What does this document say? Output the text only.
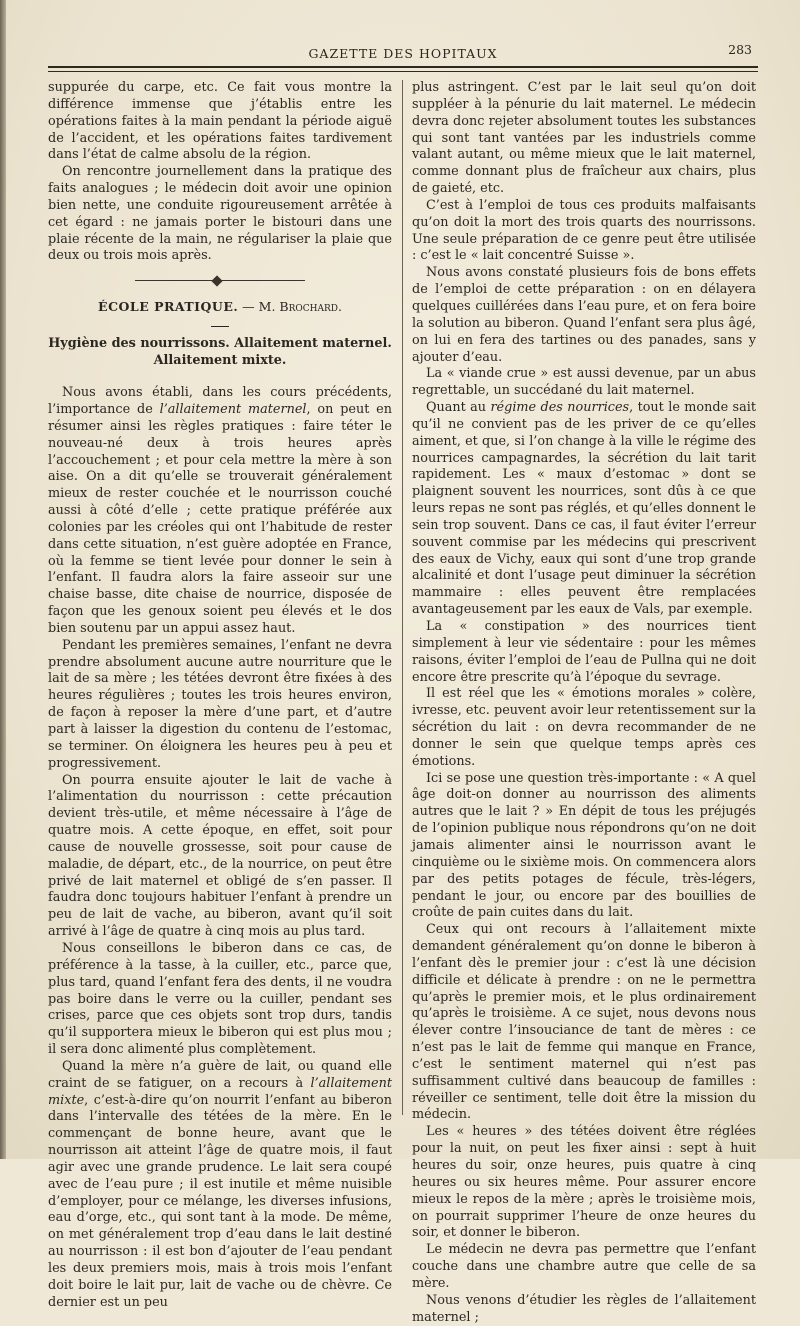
GAZETTE DES HOPITAUX	283

suppurée du carpe, etc. Ce fait vous montre la différence immense que j’établis entre les opérations faites à la main pendant la période aiguë de l’accident, et les opérations faites tardivement dans l’état de calme absolu de la région.

On rencontre journellement dans la pratique des faits analogues ; le médecin doit avoir une opinion bien nette, une conduite rigoureusement arrêtée à cet égard : ne jamais porter le bistouri dans une plaie récente de la main, ne régulariser la plaie que deux ou trois mois après.

ÉCOLE PRATIQUE. — M. Brochard.
Hygiène des nourrissons. Allaitement maternel.
Allaitement mixte.

Nous avons établi, dans les cours précédents, l’importance de l’allaitement maternel, on peut en résumer ainsi les règles pratiques : faire téter le nouveau-né deux à trois heures après l’accouchement ; et pour cela mettre la mère à son aise. On a dit qu’elle se trouverait généralement mieux de rester couchée et le nourrisson couché aussi à côté d’elle ; cette pratique préférée aux colonies par les créoles qui ont l’habitude de rester dans cette situation, n’est guère adoptée en France, où la femme se tient levée pour donner le sein à l’enfant. Il faudra alors la faire asseoir sur une chaise basse, dite chaise de nourrice, disposée de façon que les genoux soient peu élevés et le dos bien soutenu par un appui assez haut.

Pendant les premières semaines, l’enfant ne devra prendre absolument aucune autre nourriture que le lait de sa mère ; les tétées devront être fixées à des heures régulières ; toutes les trois heures environ, de façon à reposer la mère d’une part, et d’autre part à laisser la digestion du contenu de l’estomac, se terminer. On éloignera les heures peu à peu et progressivement.

On pourra ensuite ajouter le lait de vache à l’alimentation du nourrisson : cette précaution devient très-utile, et même nécessaire à l’âge de quatre mois. A cette époque, en effet, soit pour cause de nouvelle grossesse, soit pour cause de maladie, de départ, etc., de la nourrice, on peut être privé de lait maternel et obligé de s’en passer. Il faudra donc toujours habituer l’enfant à prendre un peu de lait de vache, au biberon, avant qu’il soit arrivé à l’âge de quatre à cinq mois au plus tard.

Nous conseillons le biberon dans ce cas, de préférence à la tasse, à la cuiller, etc., parce que, plus tard, quand l’enfant fera des dents, il ne voudra pas boire dans le verre ou la cuiller, pendant ses crises, parce que ces objets sont trop durs, tandis qu’il supportera mieux le biberon qui est plus mou ; il sera donc alimenté plus complètement.

Quand la mère n’a guère de lait, ou quand elle craint de se fatiguer, on a recours à l’allaitement mixte, c’est-à-dire qu’on nourrit l’enfant au biberon dans l’intervalle des tétées de la mère. En le commençant de bonne heure, avant que le nourrisson ait atteint l’âge de quatre mois, il faut agir avec une grande prudence. Le lait sera coupé avec de l’eau pure ; il est inutile et même nuisible d’employer, pour ce mélange, les diverses infusions, eau d’orge, etc., qui sont tant à la mode. De même, on met généralement trop d’eau dans le lait destiné au nourrisson : il est bon d’ajouter de l’eau pendant les deux premiers mois, mais à trois mois l’enfant doit boire le lait pur, lait de vache ou de chèvre. Ce dernier est un peu

plus astringent. C’est par le lait seul qu’on doit suppléer à la pénurie du lait maternel. Le médecin devra donc rejeter absolument toutes les substances qui sont tant vantées par les industriels comme valant autant, ou même mieux que le lait maternel, comme donnant plus de fraîcheur aux chairs, plus de gaieté, etc.

C’est à l’emploi de tous ces produits malfaisants qu’on doit la mort des trois quarts des nourrissons. Une seule préparation de ce genre peut être utilisée : c’est le « lait concentré Suisse ».

Nous avons constaté plusieurs fois de bons effets de l’emploi de cette préparation : on en délayera quelques cuillérées dans l’eau pure, et on fera boire la solution au biberon. Quand l’enfant sera plus âgé, on lui en fera des tartines ou des panades, sans y ajouter d’eau.

La « viande crue » est aussi devenue, par un abus regrettable, un succédané du lait maternel.

Quant au régime des nourrices, tout le monde sait qu’il ne convient pas de les priver de ce qu’elles aiment, et que, si l’on change à la ville le régime des nourrices campagnardes, la sécrétion du lait tarit rapidement. Les « maux d’estomac » dont se plaignent souvent les nourrices, sont dûs à ce que leurs repas ne sont pas réglés, et qu’elles donnent le sein trop souvent. Dans ce cas, il faut éviter l’erreur souvent commise par les médecins qui prescrivent des eaux de Vichy, eaux qui sont d’une trop grande alcalinité et dont l’usage peut diminuer la sécrétion mammaire : elles peuvent être remplacées avantageusement par les eaux de Vals, par exemple.

La « constipation » des nourrices tient simplement à leur vie sédentaire : pour les mêmes raisons, éviter l’emploi de l’eau de Pullna qui ne doit encore être prescrite qu’à l’époque du sevrage.

Il est réel que les « émotions morales » colère, ivresse, etc. peuvent avoir leur retentissement sur la sécrétion du lait : on devra recommander de ne donner le sein que quelque temps après ces émotions.

Ici se pose une question très-importante : « A quel âge doit-on donner au nourrisson des aliments autres que le lait ? » En dépit de tous les préjugés de l’opinion publique nous répondrons qu’on ne doit jamais alimenter ainsi le nourrisson avant le cinquième ou le sixième mois. On commencera alors par des petits potages de fécule, très-légers, pendant le jour, ou encore par des bouillies de croûte de pain cuites dans du lait.

Ceux qui ont recours à l’allaitement mixte demandent généralement qu’on donne le biberon à l’enfant dès le premier jour : c’est là une décision difficile et délicate à prendre : on ne le permettra qu’après le premier mois, et le plus ordinairement qu’après le troisième. A ce sujet, nous devons nous élever contre l’insouciance de tant de mères : ce n’est pas le lait de femme qui manque en France, c’est le sentiment maternel qui n’est pas suffisamment cultivé dans beaucoup de familles : réveiller ce sentiment, telle doit être la mission du médecin.

Les « heures » des tétées doivent être réglées pour la nuit, on peut les fixer ainsi : sept à huit heures du soir, onze heures, puis quatre à cinq heures ou six heures même. Pour assurer encore mieux le repos de la mère ; après le troisième mois, on pourrait supprimer l’heure de onze heures du soir, et donner le biberon.

Le médecin ne devra pas permettre que l’enfant couche dans une chambre autre que celle de sa mère.

Nous venons d’étudier les règles de l’allaitement maternel ;
